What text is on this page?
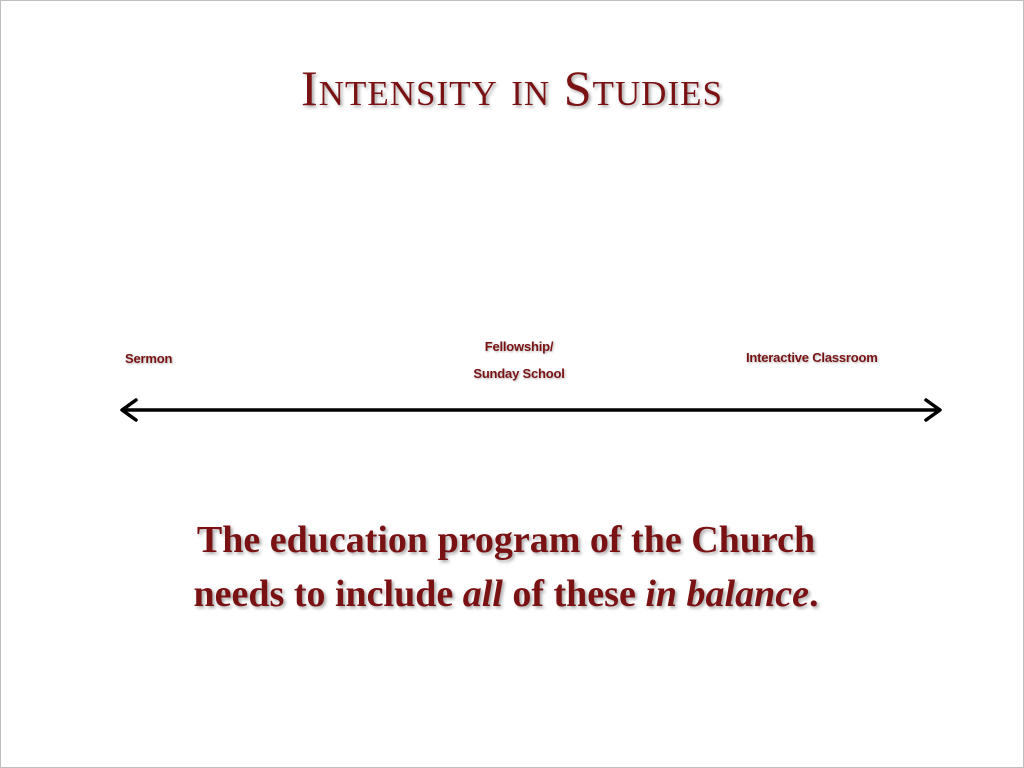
Intensity in Studies
Sermon
Fellowship/
Sunday School
Interactive Classroom
The education program of the Church needs to include all of these in balance.
